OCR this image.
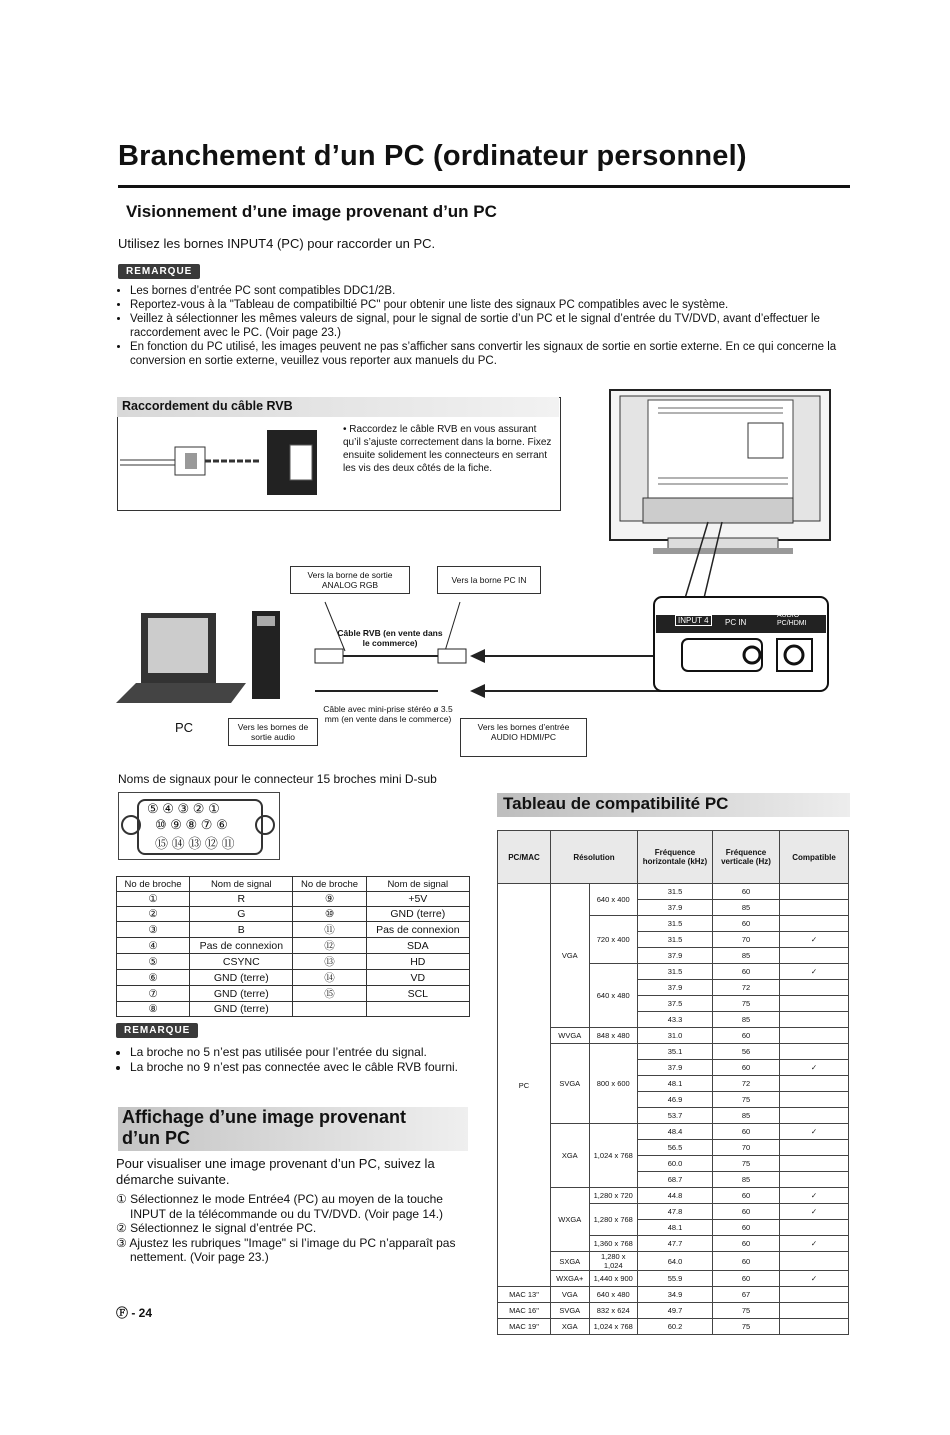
Branchement d’un PC (ordinateur personnel)
Visionnement d’une image provenant d’un PC
Utilisez les bornes INPUT4 (PC) pour raccorder un PC.
REMARQUE
• Les bornes d’entrée PC sont compatibles DDC1/2B.
• Reportez-vous à la "Tableau de compatibiltié PC" pour obtenir une liste des signaux PC compatibles avec le système.
• Veillez à sélectionner les mêmes valeurs de signal, pour le signal de sortie d’un PC et le signal d’entrée du TV/DVD, avant d’effectuer le raccordement avec le PC. (Voir page 23.)
• En fonction du PC utilisé, les images peuvent ne pas s’afficher sans convertir les signaux de sortie en sortie externe. En ce qui concerne la conversion en sortie externe, veuillez vous reporter aux manuels du PC.
Raccordement du câble RVB
• Raccordez le câble RVB en vous assurant qu’il s’ajuste correctement dans la borne. Fixez ensuite solidement les connecteurs en serrant les vis des deux côtés de la fiche.
Vers la borne de sortie ANALOG RGB	Vers la borne PC IN
Câble RVB (en vente dans le commerce)
PC
INPUT 4	PC IN
AUDIO PC/HDMI
Câble avec mini-prise stéréo ø 3.5 mm (en vente dans le commerce)
Vers les bornes de sortie audio
Vers les bornes d’entrée AUDIO HDMI/PC
Noms de signaux pour le connecteur 15 broches mini D-sub
⑤ ④ ③ ② ①
⑩ ⑨ ⑧ ⑦ ⑥
⑮ ⑭ ⑬ ⑫ ⑪
No de broche	Nom de signal	No de broche	Nom de signal
①	R	⑨	+5V
②	G	⑩	GND (terre)
③	B	⑪	Pas de connexion
④	Pas de connexion	⑫	SDA
⑤	CSYNC	⑬	HD
⑥	GND (terre)	⑭	VD
⑦	GND (terre)	⑮	SCL
⑧	GND (terre)		
REMARQUE
• La broche no 5 n’est pas utilisée pour l’entrée du signal.
• La broche no 9 n’est pas connectée avec le câble RVB fourni.
Affichage d’une image provenant
d’un PC
Pour visualiser une image provenant d’un PC, suivez la démarche suivante.
① Sélectionnez le mode Entrée4 (PC) au moyen de la touche INPUT de la télécommande ou du TV/DVD. (Voir page 14.)
② Sélectionnez le signal d’entrée PC.
③ Ajustez les rubriques "Image" si l’image du PC n’apparaît pas nettement. (Voir page 23.)
Ⓕ - 24
Tableau de compatibilité PC
PC/MAC	Résolution		Fréquence horizontale (kHz)	Fréquence verticale (Hz)	Compatible
PC	VGA	640 x 400	31.5	60	
			37.9	85	
		720 x 400	31.5	60	
			31.5	70	✓
			37.9	85	
		640 x 480	31.5	60	✓
			37.9	72	
			37.5	75	
			43.3	85	
	WVGA	848 x 480	31.0	60	
	SVGA	800 x 600	35.1	56	
			37.9	60	✓
			48.1	72	
			46.9	75	
			53.7	85	
	XGA	1,024 x 768	48.4	60	✓
			56.5	70	
			60.0	75	
			68.7	85	
	WXGA	1,280 x 720	44.8	60	✓
		1,280 x 768	47.8	60	✓
			48.1	60	
		1,360 x 768	47.7	60	✓
	SXGA	1,280 x 1,024	64.0	60	
	WXGA+	1,440 x 900	55.9	60	✓
MAC 13"	VGA	640 x 480	34.9	67	
MAC 16"	SVGA	832 x 624	49.7	75	
MAC 19"	XGA	1,024 x 768	60.2	75	
